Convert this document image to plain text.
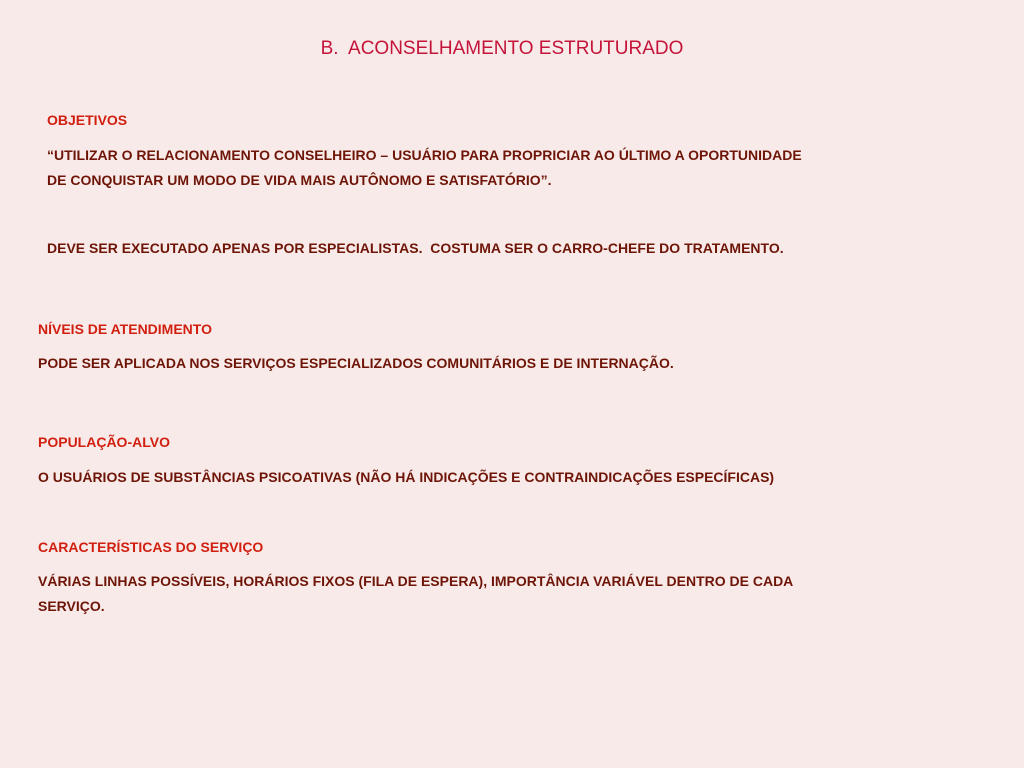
B.  ACONSELHAMENTO ESTRUTURADO
OBJETIVOS
“UTILIZAR O RELACIONAMENTO CONSELHEIRO – USUÁRIO PARA PROPRICIAR AO ÚLTIMO A OPORTUNIDADE
DE CONQUISTAR UM MODO DE VIDA MAIS AUTÔNOMO E SATISFATÓRIO”.
DEVE SER EXECUTADO APENAS POR ESPECIALISTAS.  COSTUMA SER O CARRO-CHEFE DO TRATAMENTO.
NÍVEIS DE ATENDIMENTO
PODE SER APLICADA NOS SERVIÇOS ESPECIALIZADOS COMUNITÁRIOS E DE INTERNAÇÃO.
POPULAÇÃO-ALVO
O USUÁRIOS DE SUBSTÂNCIAS PSICOATIVAS (NÃO HÁ INDICAÇÕES E CONTRAINDICAÇÕES ESPECÍFICAS)
CARACTERÍSTICAS DO SERVIÇO
VÁRIAS LINHAS POSSÍVEIS, HORÁRIOS FIXOS (FILA DE ESPERA), IMPORTÂNCIA VARIÁVEL DENTRO DE CADA
SERVIÇO.
